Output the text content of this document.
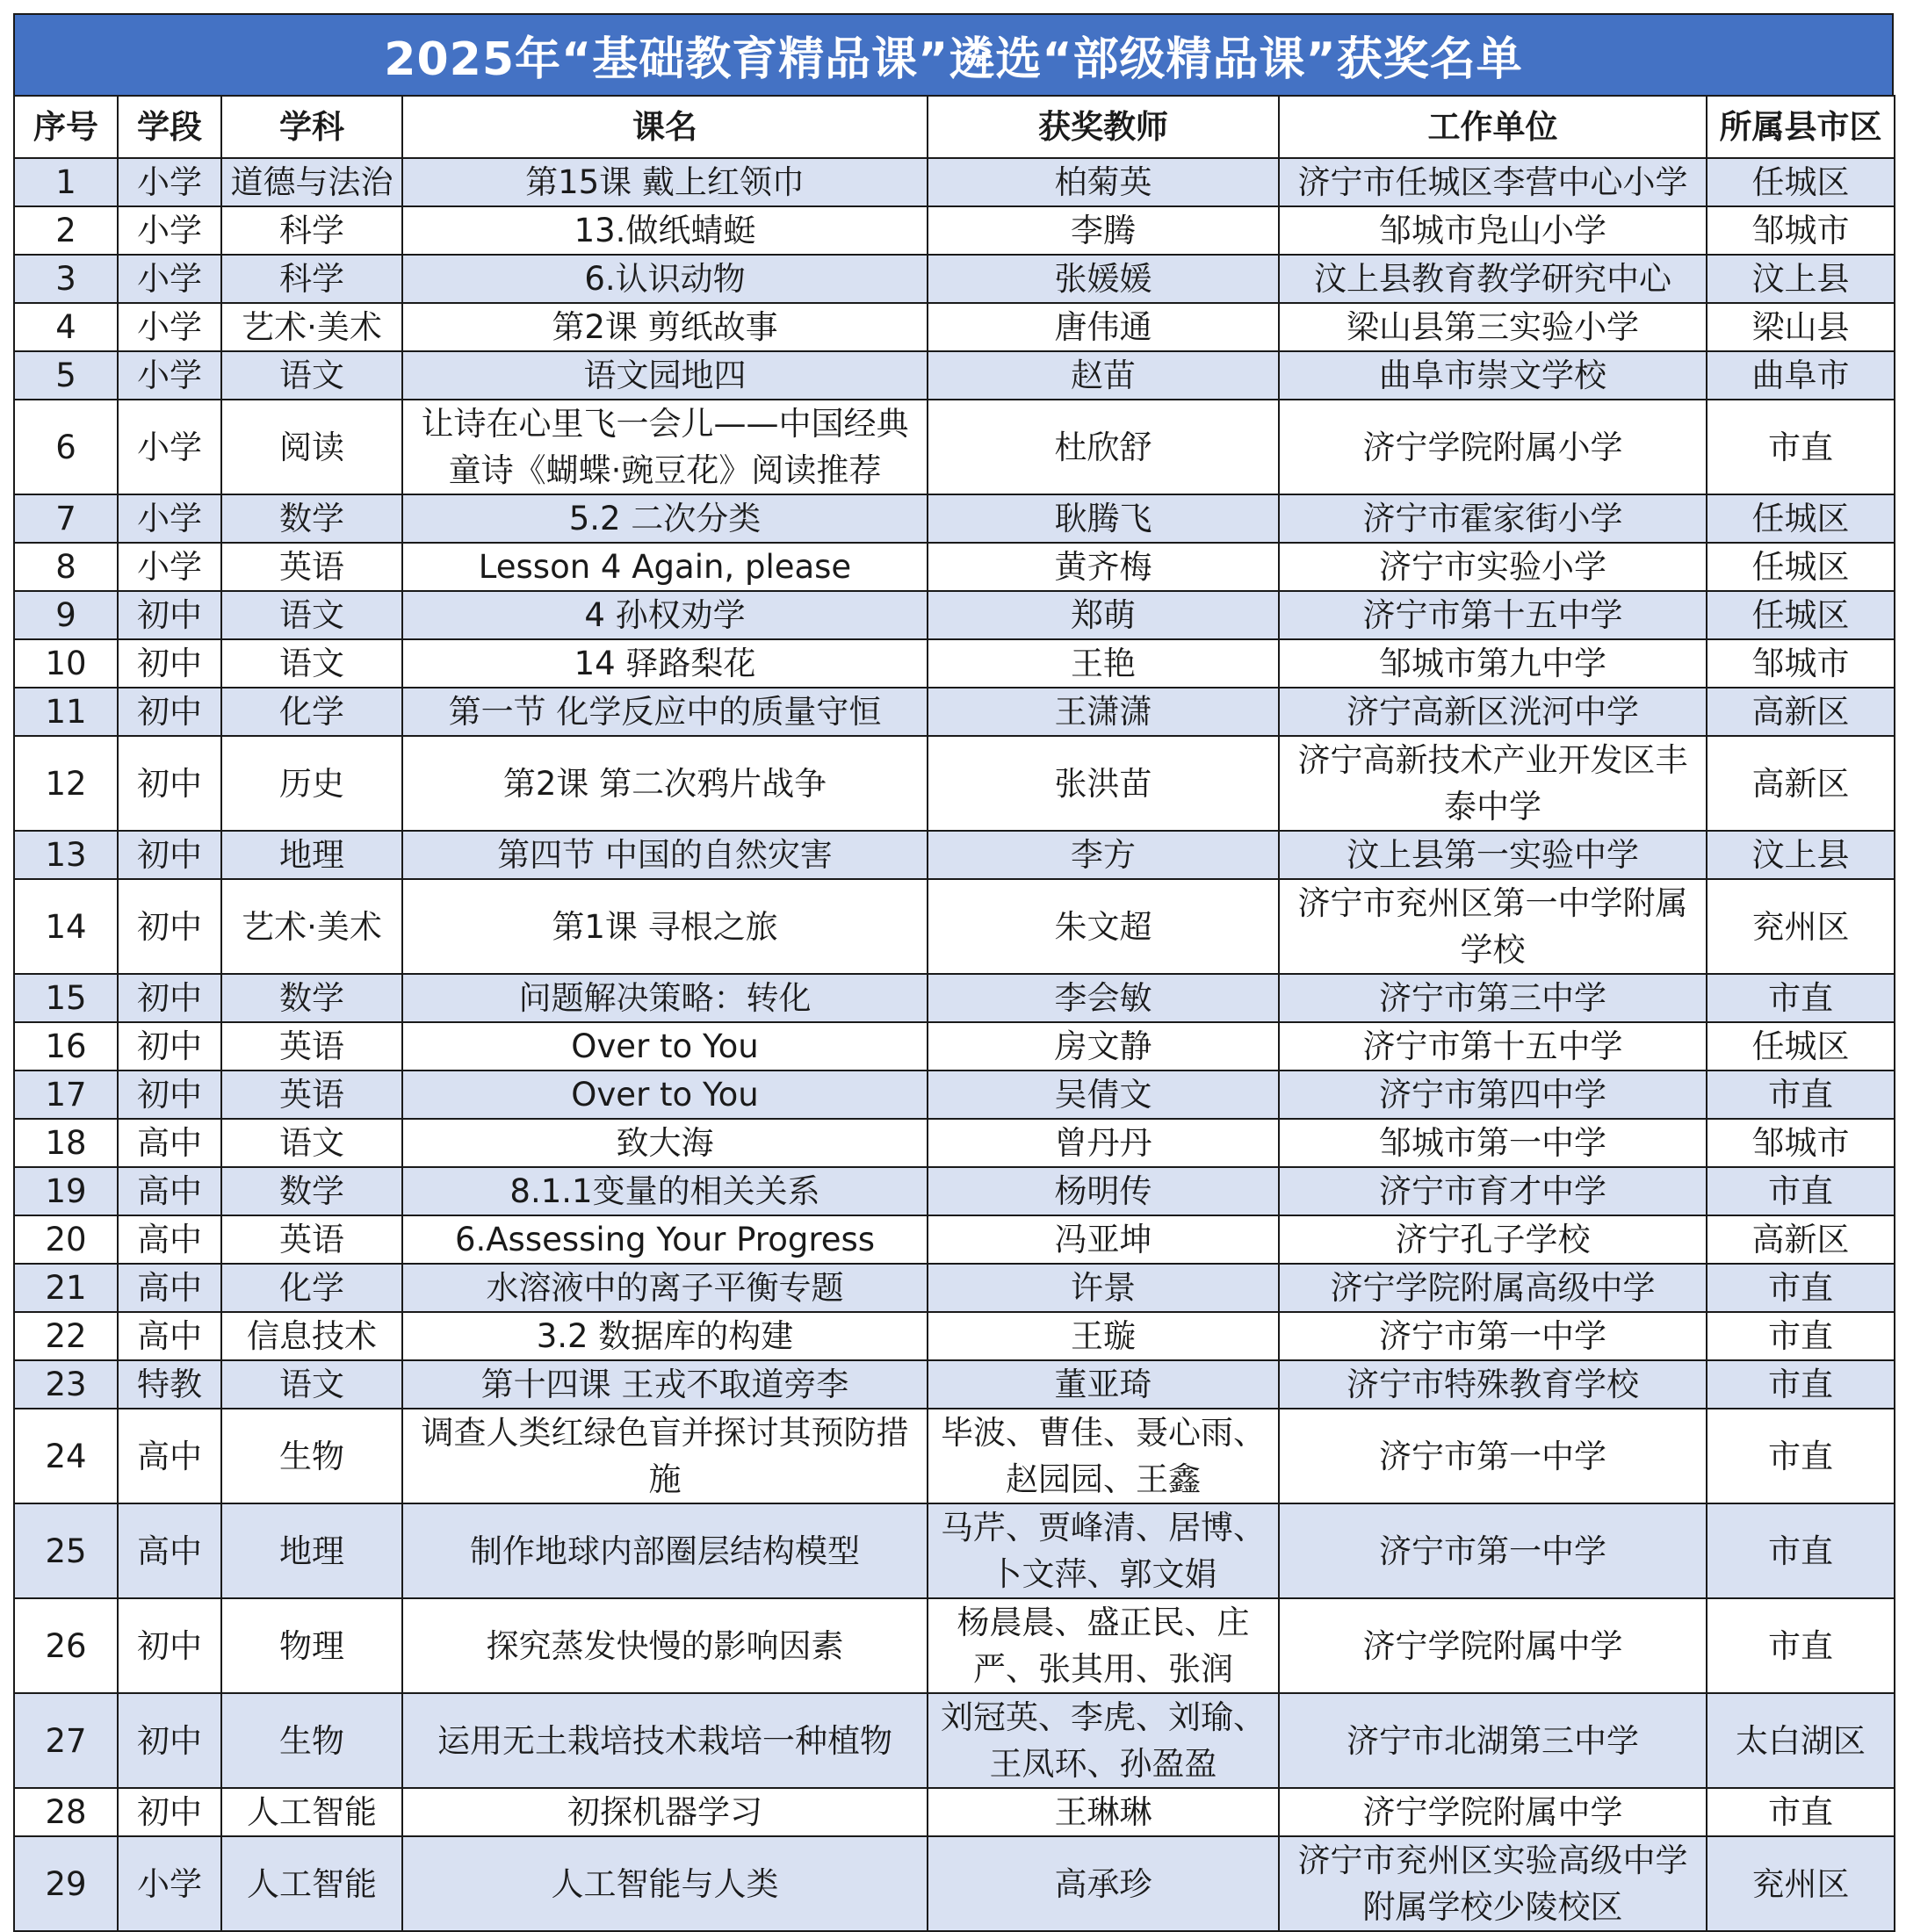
2025年“基础教育精品课”遴选“部级精品课”获奖名单
序号	学段	学科	课名	获奖教师	工作单位	所属县市区
1	小学	道德与法治	第15课 戴上红领巾	柏菊英	济宁市任城区李营中心小学	任城区
2	小学	科学	13.做纸蜻蜓	李腾	邹城市凫山小学	邹城市
3	小学	科学	6.认识动物	张媛媛	汶上县教育教学研究中心	汶上县
4	小学	艺术·美术	第2课 剪纸故事	唐伟通	梁山县第三实验小学	梁山县
5	小学	语文	语文园地四	赵苗	曲阜市崇文学校	曲阜市
6	小学	阅读	让诗在心里飞一会儿——中国经典童诗《蝴蝶·豌豆花》阅读推荐	杜欣舒	济宁学院附属小学	市直
7	小学	数学	5.2 二次分类	耿腾飞	济宁市霍家街小学	任城区
8	小学	英语	Lesson 4 Again, please	黄齐梅	济宁市实验小学	任城区
9	初中	语文	4 孙权劝学	郑萌	济宁市第十五中学	任城区
10	初中	语文	14 驿路梨花	王艳	邹城市第九中学	邹城市
11	初中	化学	第一节 化学反应中的质量守恒	王潇潇	济宁高新区洸河中学	高新区
12	初中	历史	第2课 第二次鸦片战争	张洪苗	济宁高新技术产业开发区丰泰中学	高新区
13	初中	地理	第四节 中国的自然灾害	李方	汶上县第一实验中学	汶上县
14	初中	艺术·美术	第1课 寻根之旅	朱文超	济宁市兖州区第一中学附属学校	兖州区
15	初中	数学	问题解决策略：转化	李会敏	济宁市第三中学	市直
16	初中	英语	Over to You	房文静	济宁市第十五中学	任城区
17	初中	英语	Over to You	吴倩文	济宁市第四中学	市直
18	高中	语文	致大海	曾丹丹	邹城市第一中学	邹城市
19	高中	数学	8.1.1变量的相关关系	杨明传	济宁市育才中学	市直
20	高中	英语	6.Assessing Your Progress	冯亚坤	济宁孔子学校	高新区
21	高中	化学	水溶液中的离子平衡专题	许景	济宁学院附属高级中学	市直
22	高中	信息技术	3.2 数据库的构建	王璇	济宁市第一中学	市直
23	特教	语文	第十四课 王戎不取道旁李	董亚琦	济宁市特殊教育学校	市直
24	高中	生物	调查人类红绿色盲并探讨其预防措施	毕波、曹佳、聂心雨、赵园园、王鑫	济宁市第一中学	市直
25	高中	地理	制作地球内部圈层结构模型	马芹、贾峰清、居博、卜文萍、郭文娟	济宁市第一中学	市直
26	初中	物理	探究蒸发快慢的影响因素	杨晨晨、盛正民、庄严、张其用、张润	济宁学院附属中学	市直
27	初中	生物	运用无土栽培技术栽培一种植物	刘冠英、李虎、刘瑜、王凤环、孙盈盈	济宁市北湖第三中学	太白湖区
28	初中	人工智能	初探机器学习	王琳琳	济宁学院附属中学	市直
29	小学	人工智能	人工智能与人类	高承珍	济宁市兖州区实验高级中学附属学校少陵校区	兖州区
